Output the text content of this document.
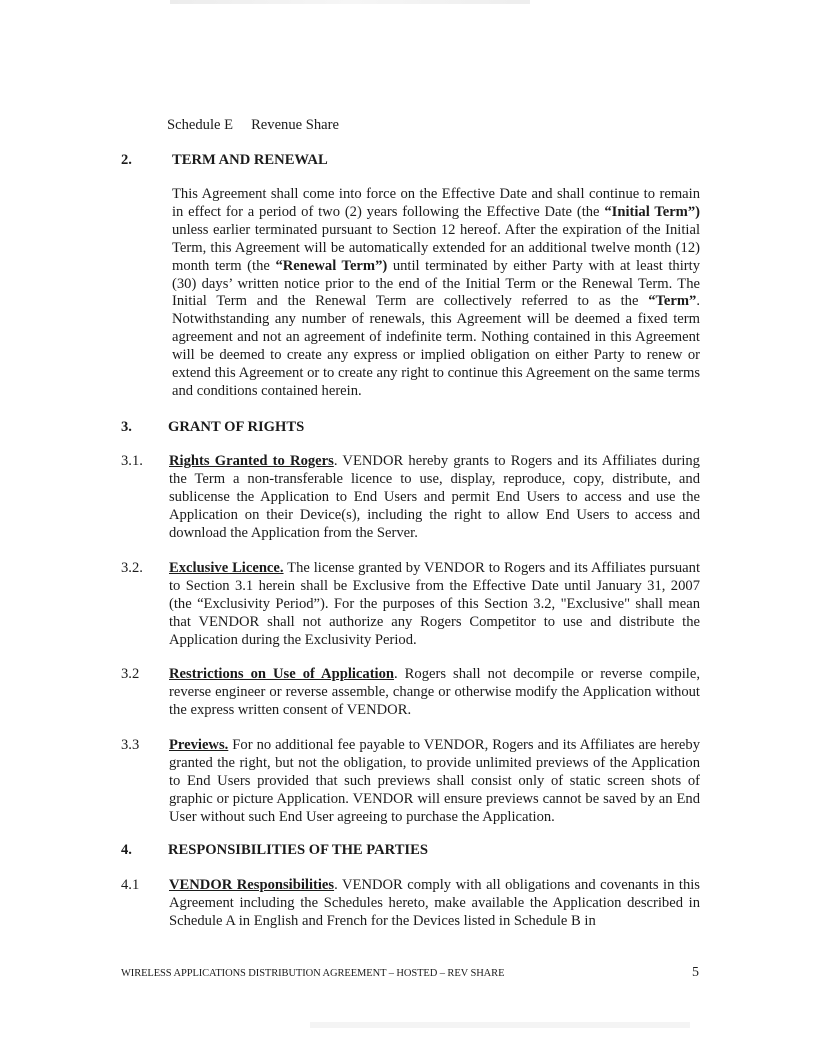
Schedule E Revenue Share
2.	TERM AND RENEWAL
This Agreement shall come into force on the Effective Date and shall continue to remain in effect for a period of two (2) years following the Effective Date (the “Initial Term”) unless earlier terminated pursuant to Section 12 hereof. After the expiration of the Initial Term, this Agreement will be automatically extended for an additional twelve month (12) month term (the “Renewal Term”) until terminated by either Party with at least thirty (30) days’ written notice prior to the end of the Initial Term or the Renewal Term. The Initial Term and the Renewal Term are collectively referred to as the “Term”. Notwithstanding any number of renewals, this Agreement will be deemed a fixed term agreement and not an agreement of indefinite term. Nothing contained in this Agreement will be deemed to create any express or implied obligation on either Party to renew or extend this Agreement or to create any right to continue this Agreement on the same terms and conditions contained herein.
3. GRANT OF RIGHTS
3.1. Rights Granted to Rogers. VENDOR hereby grants to Rogers and its Affiliates during the Term a non-transferable licence to use, display, reproduce, copy, distribute, and sublicense the Application to End Users and permit End Users to access and use the Application on their Device(s), including the right to allow End Users to access and download the Application from the Server.
3.2. Exclusive Licence. The license granted by VENDOR to Rogers and its Affiliates pursuant to Section 3.1 herein shall be Exclusive from the Effective Date until January 31, 2007 (the “Exclusivity Period”). For the purposes of this Section 3.2, "Exclusive" shall mean that VENDOR shall not authorize any Rogers Competitor to use and distribute the Application during the Exclusivity Period.
3.2 Restrictions on Use of Application. Rogers shall not decompile or reverse compile, reverse engineer or reverse assemble, change or otherwise modify the Application without the express written consent of VENDOR.
3.3 Previews. For no additional fee payable to VENDOR, Rogers and its Affiliates are hereby granted the right, but not the obligation, to provide unlimited previews of the Application to End Users provided that such previews shall consist only of static screen shots of graphic or picture Application. VENDOR will ensure previews cannot be saved by an End User without such End User agreeing to purchase the Application.
4. RESPONSIBILITIES OF THE PARTIES
4.1 VENDOR Responsibilities. VENDOR comply with all obligations and covenants in this Agreement including the Schedules hereto, make available the Application described in Schedule A in English and French for the Devices listed in Schedule B in
WIRELESS APPLICATIONS DISTRIBUTION AGREEMENT – HOSTED – REV SHARE	5
